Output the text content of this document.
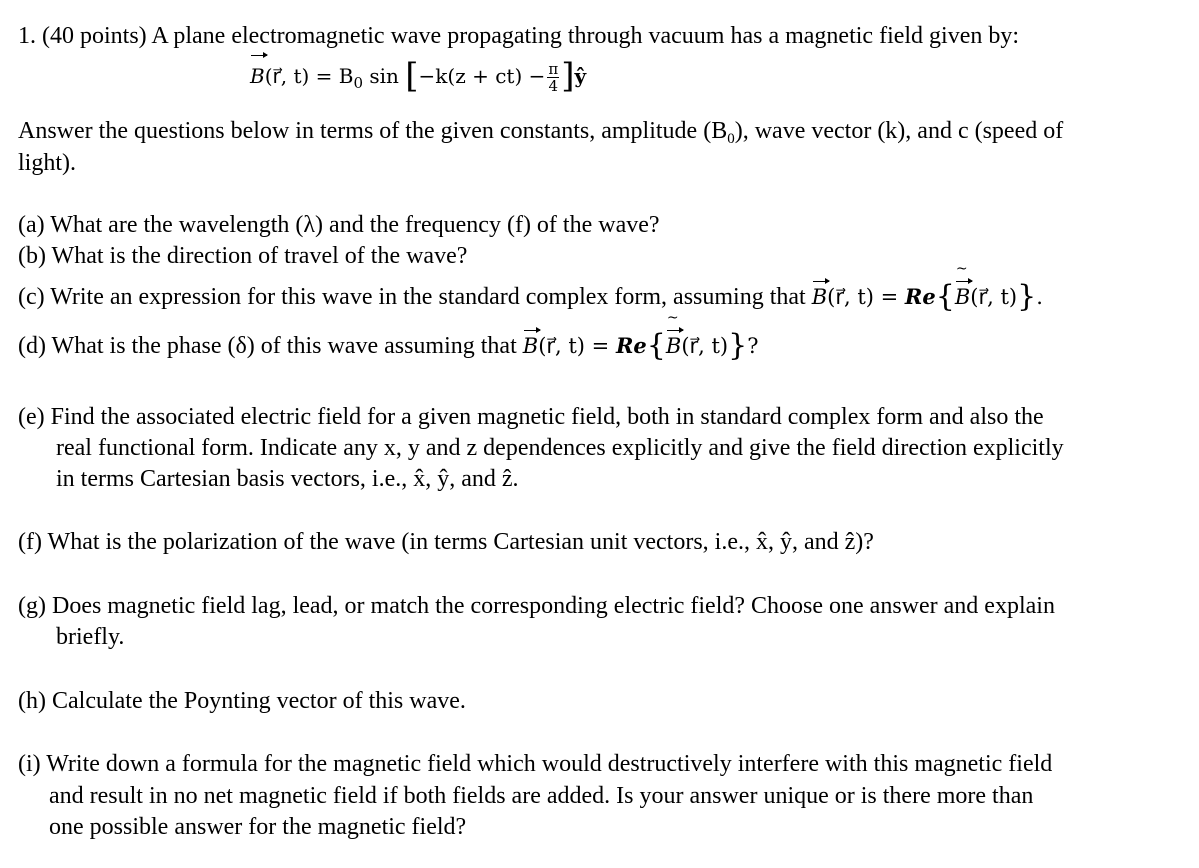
1. (40 points) A plane electromagnetic wave propagating through vacuum has a magnetic field given by:
B(r⃗, $t) = B_0$ $\sin [-k(z + ct) - \frac{\pi}{4}$ ]ŷ
Answer the questions below in terms of the given constants, amplitude $(B_0)$, wave vector (k), and c (speed of
light).
(a) What are the wavelength (λ) and the frequency (f) of the wave?
(b) What is the direction of travel of the wave?
(c) Write an expression for this wave in the standard complex form, assuming that B(r⃗, t) = Re{~ B(r⃗, t)}.
(d) What is the phase (δ) of this wave assuming that B(r⃗, t) = Re{~ B(r⃗, t)}?
(e) Find the associated electric field for a given magnetic field, both in standard complex form and also the
real functional form. Indicate any x, y and z dependences explicitly and give the field direction explicitly
in terms Cartesian basis vectors, i.e., x̂, ŷ, and ẑ.
(f) What is the polarization of the wave (in terms Cartesian unit vectors, i.e., x̂, ŷ, and ẑ)?
(g) Does magnetic field lag, lead, or match the corresponding electric field? Choose one answer and explain
briefly.
(h) Calculate the Poynting vector of this wave.
(i) Write down a formula for the magnetic field which would destructively interfere with this magnetic field
and result in no net magnetic field if both fields are added. Is your answer unique or is there more than
one possible answer for the magnetic field?
